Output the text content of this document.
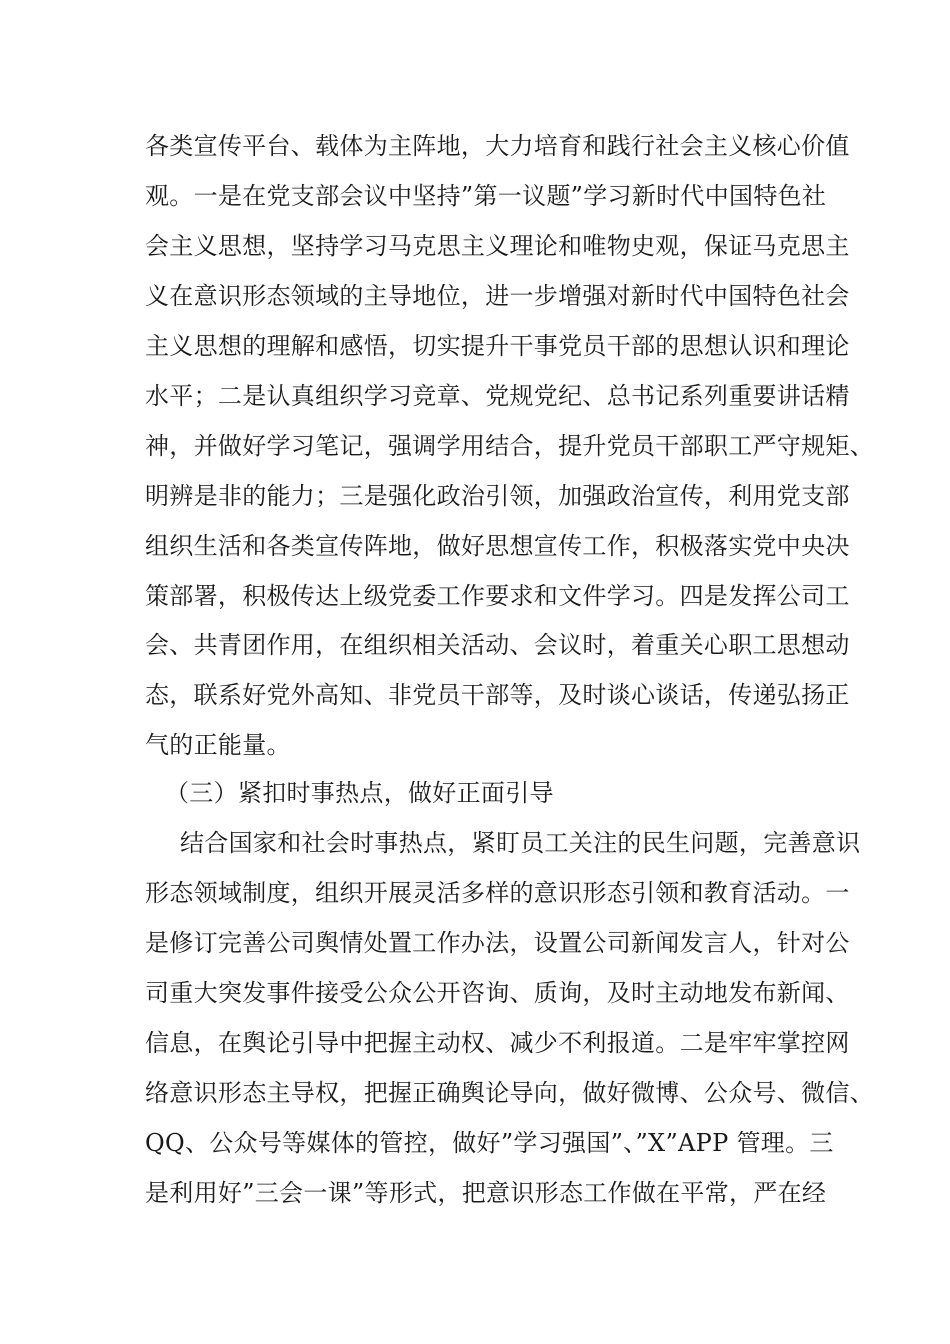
各类宣传平台、载体为主阵地，大力培育和践行社会主义核心价值
观。一是在党支部会议中坚持”第一议题”学习新时代中国特色社
会主义思想，坚持学习马克思主义理论和唯物史观，保证马克思主
义在意识形态领域的主导地位，进一步增强对新时代中国特色社会
主义思想的理解和感悟，切实提升干事党员干部的思想认识和理论
水平；二是认真组织学习竞章、党规党纪、总书记系列重要讲话精
神，并做好学习笔记，强调学用结合，提升党员干部职工严守规矩、
明辨是非的能力；三是强化政治引领，加强政治宣传，利用党支部
组织生活和各类宣传阵地，做好思想宣传工作，积极落实党中央决
策部署，积极传达上级党委工作要求和文件学习。四是发挥公司工
会、共青团作用，在组织相关活动、会议时，着重关心职工思想动
态，联系好党外高知、非党员干部等，及时谈心谈话，传递弘扬正
气的正能量。
（三）紧扣时事热点，做好正面引导
结合国家和社会时事热点，紧盯员工关注的民生问题，完善意识
形态领域制度，组织开展灵活多样的意识形态引领和教育活动。一
是修订完善公司舆情处置工作办法，设置公司新闻发言人，针对公
司重大突发事件接受公众公开咨询、质询，及时主动地发布新闻、
信息，在舆论引导中把握主动权、减少不利报道。二是牢牢掌控网
络意识形态主导权，把握正确舆论导向，做好微博、公众号、微信、
QQ、公众号等媒体的管控，做好”学习强国”、”X”APP 管理。三
是利用好”三会一课”等形式，把意识形态工作做在平常，严在经
